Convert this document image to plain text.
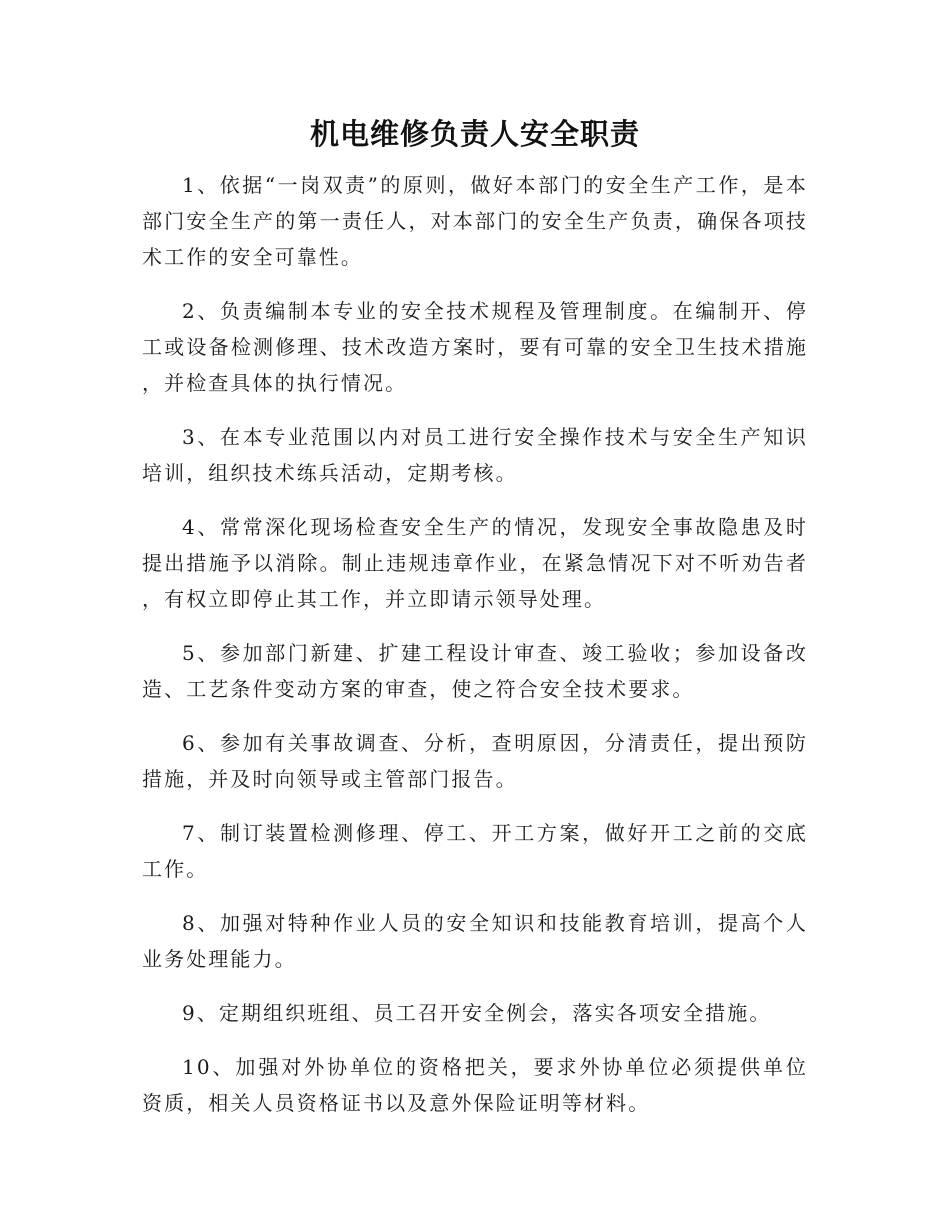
机电维修负责人安全职责

1、依据“一岗双责”的原则，做好本部门的安全生产工作，是本部门安全生产的第一责任人，对本部门的安全生产负责，确保各项技术工作的安全可靠性。

2、负责编制本专业的安全技术规程及管理制度。在编制开、停工或设备检测修理、技术改造方案时，要有可靠的安全卫生技术措施，并检查具体的执行情况。

3、在本专业范围以内对员工进行安全操作技术与安全生产知识培训，组织技术练兵活动，定期考核。

4、常常深化现场检查安全生产的情况，发现安全事故隐患及时提出措施予以消除。制止违规违章作业，在紧急情况下对不听劝告者，有权立即停止其工作，并立即请示领导处理。

5、参加部门新建、扩建工程设计审查、竣工验收；参加设备改造、工艺条件变动方案的审查，使之符合安全技术要求。

6、参加有关事故调查、分析，查明原因，分清责任，提出预防措施，并及时向领导或主管部门报告。

7、制订装置检测修理、停工、开工方案，做好开工之前的交底工作。

8、加强对特种作业人员的安全知识和技能教育培训，提高个人业务处理能力。

9、定期组织班组、员工召开安全例会，落实各项安全措施。

10、加强对外协单位的资格把关，要求外协单位必须提供单位资质，相关人员资格证书以及意外保险证明等材料。
